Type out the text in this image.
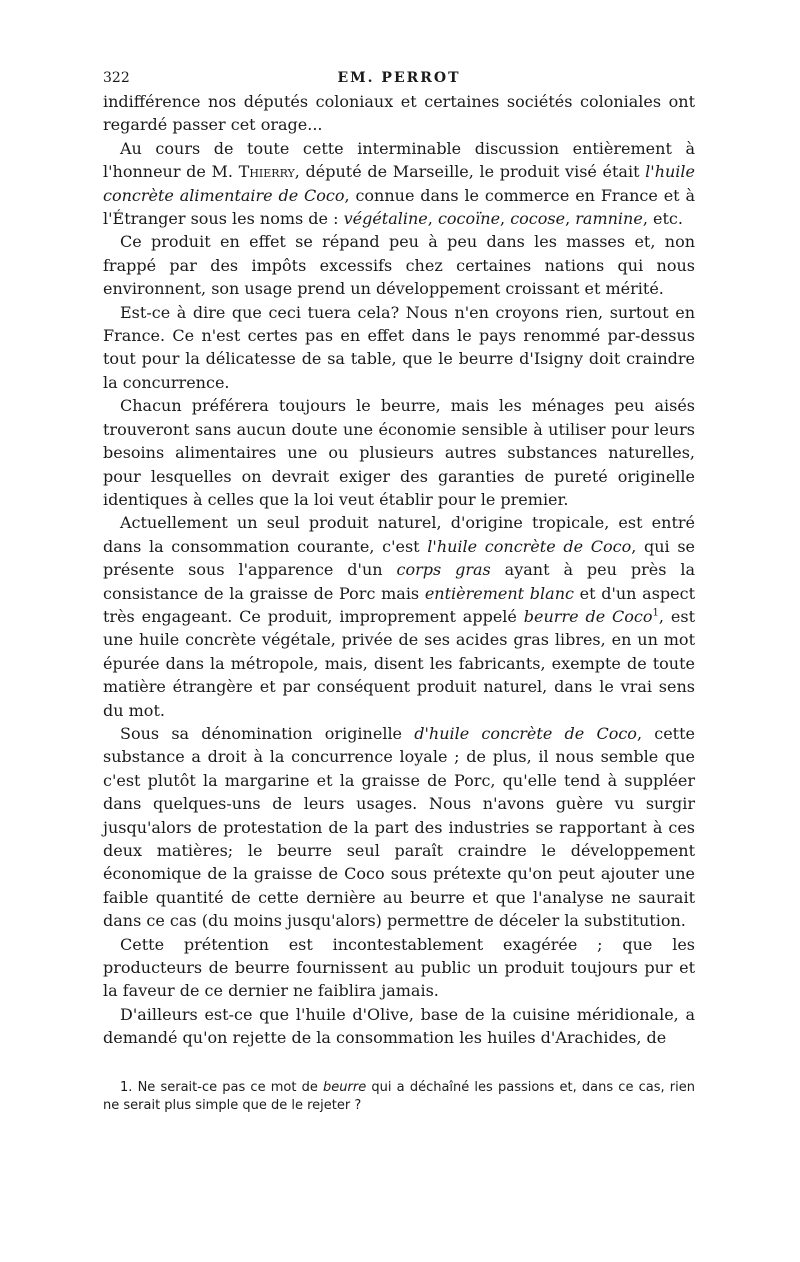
322	EM. PERROT

indifférence nos députés coloniaux et certaines sociétés coloniales ont regardé passer cet orage...

Au cours de toute cette interminable discussion entièrement à l'honneur de M. Thierry, député de Marseille, le produit visé était l'huile concrète alimentaire de Coco, connue dans le commerce en France et à l'Étranger sous les noms de : végétaline, cocoïne, cocose, ramnine, etc.

Ce produit en effet se répand peu à peu dans les masses et, non frappé par des impôts excessifs chez certaines nations qui nous environnent, son usage prend un développement croissant et mérité.

Est-ce à dire que ceci tuera cela? Nous n'en croyons rien, surtout en France. Ce n'est certes pas en effet dans le pays renommé par-dessus tout pour la délicatesse de sa table, que le beurre d'Isigny doit craindre la concurrence.

Chacun préférera toujours le beurre, mais les ménages peu aisés trouveront sans aucun doute une économie sensible à utiliser pour leurs besoins alimentaires une ou plusieurs autres substances naturelles, pour lesquelles on devrait exiger des garanties de pureté originelle identiques à celles que la loi veut établir pour le premier.

Actuellement un seul produit naturel, d'origine tropicale, est entré dans la consommation courante, c'est l'huile concrète de Coco, qui se présente sous l'apparence d'un corps gras ayant à peu près la consistance de la graisse de Porc mais entièrement blanc et d'un aspect très engageant. Ce produit, improprement appelé beurre de Coco$^1$, est une huile concrète végétale, privée de ses acides gras libres, en un mot épurée dans la métropole, mais, disent les fabricants, exempte de toute matière étrangère et par conséquent produit naturel, dans le vrai sens du mot.

Sous sa dénomination originelle d'huile concrète de Coco, cette substance a droit à la concurrence loyale ; de plus, il nous semble que c'est plutôt la margarine et la graisse de Porc, qu'elle tend à suppléer dans quelques-uns de leurs usages. Nous n'avons guère vu surgir jusqu'alors de protestation de la part des industries se rapportant à ces deux matières; le beurre seul paraît craindre le développement économique de la graisse de Coco sous prétexte qu'on peut ajouter une faible quantité de cette dernière au beurre et que l'analyse ne saurait dans ce cas (du moins jusqu'alors) permettre de déceler la substitution.

Cette prétention est incontestablement exagérée ; que les producteurs de beurre fournissent au public un produit toujours pur et la faveur de ce dernier ne faiblira jamais.

D'ailleurs est-ce que l'huile d'Olive, base de la cuisine méridionale, a demandé qu'on rejette de la consommation les huiles d'Arachides, de

1. Ne serait-ce pas ce mot de beurre qui a déchaîné les passions et, dans ce cas, rien ne serait plus simple que de le rejeter ?
